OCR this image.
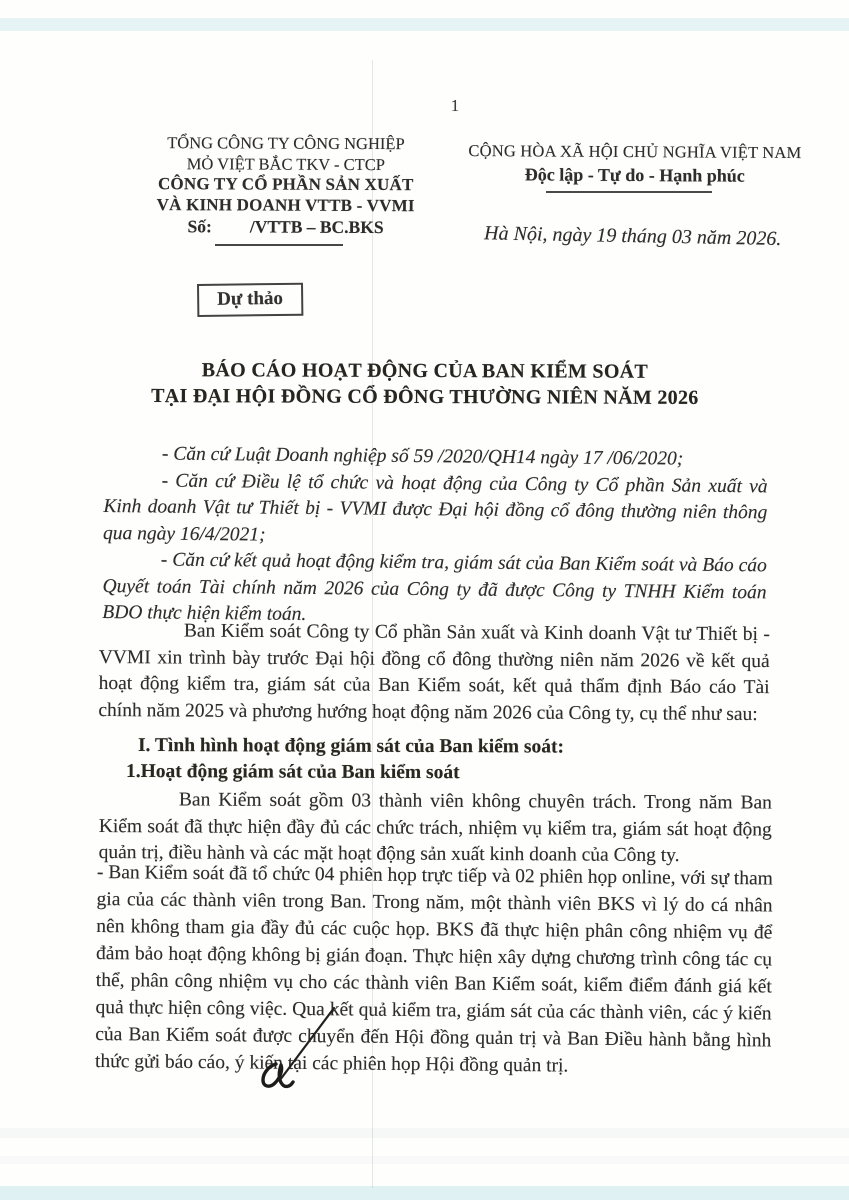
1
TỔNG CÔNG TY CÔNG NGHIỆP
MỎ VIỆT BẮC TKV - CTCP
CÔNG TY CỔ PHẦN SẢN XUẤT
VÀ KINH DOANH VTTB - VVMI
Số: /VTTB – BC.BKS
CỘNG HÒA XÃ HỘI CHỦ NGHĨA VIỆT NAM
Độc lập - Tự do - Hạnh phúc
Hà Nội, ngày 19 tháng 03 năm 2026.
Dự thảo
BÁO CÁO HOẠT ĐỘNG CỦA BAN KIỂM SOÁT
TẠI ĐẠI HỘI ĐỒNG CỔ ĐÔNG THƯỜNG NIÊN NĂM 2026

- Căn cứ Luật Doanh nghiệp số 59 /2020/QH14 ngày 17 /06/2020;

- Căn cứ Điều lệ tổ chức và hoạt động của Công ty Cổ phần Sản xuất và Kinh doanh Vật tư Thiết bị - VVMI được Đại hội đồng cổ đông thường niên thông qua ngày 16/4/2021;

- Căn cứ kết quả hoạt động kiểm tra, giám sát của Ban Kiểm soát và Báo cáo Quyết toán Tài chính năm 2026 của Công ty đã được Công ty TNHH Kiểm toán BDO thực hiện kiểm toán.

Ban Kiểm soát Công ty Cổ phần Sản xuất và Kinh doanh Vật tư Thiết bị - VVMI xin trình bày trước Đại hội đồng cổ đông thường niên năm 2026 về kết quả hoạt động kiểm tra, giám sát của Ban Kiểm soát, kết quả thẩm định Báo cáo Tài chính năm 2025 và phương hướng hoạt động năm 2026 của Công ty, cụ thể như sau:

I. Tình hình hoạt động giám sát của Ban kiểm soát:
1.Hoạt động giám sát của Ban kiểm soát

Ban Kiểm soát gồm 03 thành viên không chuyên trách. Trong năm Ban Kiểm soát đã thực hiện đầy đủ các chức trách, nhiệm vụ kiểm tra, giám sát hoạt động quản trị, điều hành và các mặt hoạt động sản xuất kinh doanh của Công ty.

- Ban Kiểm soát đã tổ chức 04 phiên họp trực tiếp và 02 phiên họp online, với sự tham gia của các thành viên trong Ban. Trong năm, một thành viên BKS vì lý do cá nhân nên không tham gia đầy đủ các cuộc họp. BKS đã thực hiện phân công nhiệm vụ để đảm bảo hoạt động không bị gián đoạn. Thực hiện xây dựng chương trình công tác cụ thể, phân công nhiệm vụ cho các thành viên Ban Kiểm soát, kiểm điểm đánh giá kết quả thực hiện công việc. Qua kết quả kiểm tra, giám sát của các thành viên, các ý kiến của Ban Kiểm soát được chuyển đến Hội đồng quản trị và Ban Điều hành bằng hình thức gửi báo cáo, ý kiến tại các phiên họp Hội đồng quản trị.
